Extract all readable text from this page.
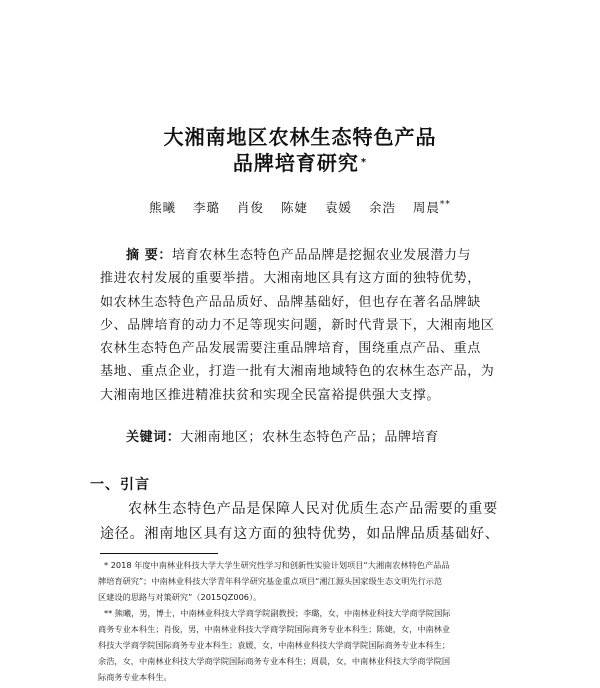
大湘南地区农林生态特色产品
品牌培育研究 *
熊曦 李璐 肖俊 陈婕 袁媛 余浩 周晨**
摘 要：培育农林生态特色产品品牌是挖掘农业发展潜力与
推进农村发展的重要举措。大湘南地区具有这方面的独特优势，
如农林生态特色产品品质好、品牌基础好，但也存在著名品牌缺
少、品牌培育的动力不足等现实问题，新时代背景下，大湘南地区
农林生态特色产品发展需要注重品牌培育，围绕重点产品、重点
基地、重点企业，打造一批有大湘南地域特色的农林生态产品，为
大湘南地区推进精准扶贫和实现全民富裕提供强大支撑。
关键词：大湘南地区；农林生态特色产品；品牌培育
一、引言
农林生态特色产品是保障人民对优质生态产品需要的重要
途径。湘南地区具有这方面的独特优势，如品牌品质基础好、
* 2018 年度中南林业科技大学大学生研究性学习和创新性实验计划项目“大湘南农林特色产品品
牌培育研究”；中南林业科技大学青年科学研究基金重点项目“湘江源头国家级生态文明先行示范
区建设的思路与对策研究”（2015QZ006）。
** 熊曦，男，博士，中南林业科技大学商学院副教授；李璐，女，中南林业科技大学商学院国际
商务专业本科生；肖俊，男，中南林业科技大学商学院国际商务专业本科生；陈婕，女，中南林业
科技大学商学院国际商务专业本科生；袁媛，女，中南林业科技大学商学院国际商务专业本科生；
余浩，女，中南林业科技大学商学院国际商务专业本科生；周晨，女，中南林业科技大学商学院国
际商务专业本科生。
